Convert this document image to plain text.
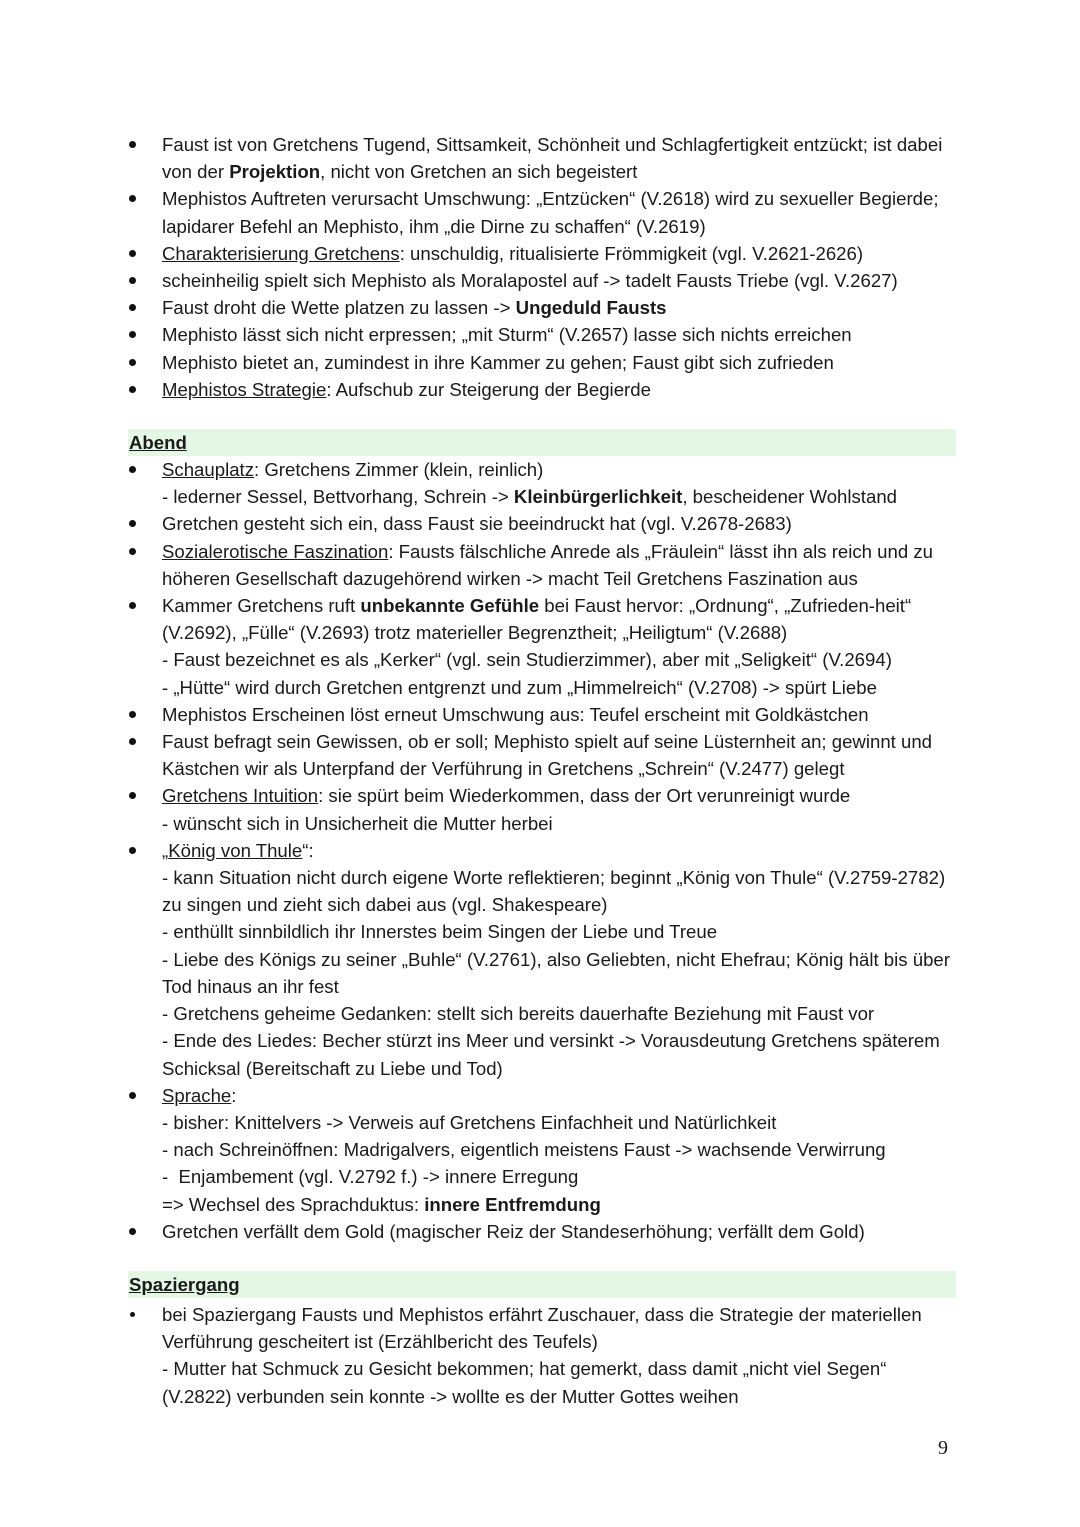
Faust ist von Gretchens Tugend, Sittsamkeit, Schönheit und Schlagfertigkeit entzückt; ist dabei von der Projektion, nicht von Gretchen an sich begeistert
Mephistos Auftreten verursacht Umschwung: „Entzücken“ (V.2618) wird zu sexueller Begierde; lapidarer Befehl an Mephisto, ihm „die Dirne zu schaffen“ (V.2619)
Charakterisierung Gretchens: unschuldig, ritualisierte Frömmigkeit (vgl. V.2621-2626)
scheinheilig spielt sich Mephisto als Moralapostel auf -> tadelt Fausts Triebe (vgl. V.2627)
Faust droht die Wette platzen zu lassen -> Ungeduld Fausts
Mephisto lässt sich nicht erpressen; „mit Sturm“ (V.2657) lasse sich nichts erreichen
Mephisto bietet an, zumindest in ihre Kammer zu gehen; Faust gibt sich zufrieden
Mephistos Strategie: Aufschub zur Steigerung der Begierde
Abend
Schauplatz: Gretchens Zimmer (klein, reinlich)
- lederner Sessel, Bettvorhang, Schrein -> Kleinbürgerlichkeit, bescheidener Wohlstand
Gretchen gesteht sich ein, dass Faust sie beeindruckt hat (vgl. V.2678-2683)
Sozialerotische Faszination: Fausts fälschliche Anrede als „Fräulein“ lässt ihn als reich und zu höheren Gesellschaft dazugehörend wirken -> macht Teil Gretchens Faszination aus
Kammer Gretchens ruft unbekannte Gefühle bei Faust hervor: „Ordnung“, „Zufrieden-heit“ (V.2692), „Fülle“ (V.2693) trotz materieller Begrenztheit; „Heiligtum“ (V.2688)
- Faust bezeichnet es als „Kerker“ (vgl. sein Studierzimmer), aber mit „Seligkeit“ (V.2694)
- „Hütte“ wird durch Gretchen entgrenzt und zum „Himmelreich“ (V.2708) -> spürt Liebe
Mephistos Erscheinen löst erneut Umschwung aus: Teufel erscheint mit Goldkästchen
Faust befragt sein Gewissen, ob er soll; Mephisto spielt auf seine Lüsternheit an; gewinnt und Kästchen wir als Unterpfand der Verführung in Gretchens „Schrein“ (V.2477) gelegt
Gretchens Intuition: sie spürt beim Wiederkommen, dass der Ort verunreinigt wurde
- wünscht sich in Unsicherheit die Mutter herbei
„König von Thule“:
- kann Situation nicht durch eigene Worte reflektieren; beginnt „König von Thule“ (V.2759-2782) zu singen und zieht sich dabei aus (vgl. Shakespeare)
- enthüllt sinnbildlich ihr Innerstes beim Singen der Liebe und Treue
- Liebe des Königs zu seiner „Buhle“ (V.2761), also Geliebten, nicht Ehefrau; König hält bis über Tod hinaus an ihr fest
- Gretchens geheime Gedanken: stellt sich bereits dauerhafte Beziehung mit Faust vor
- Ende des Liedes: Becher stürzt ins Meer und versinkt -> Vorausdeutung Gretchens späterem Schicksal (Bereitschaft zu Liebe und Tod)
Sprache:
- bisher: Knittelvers -> Verweis auf Gretchens Einfachheit und Natürlichkeit
- nach Schreinöffnen: Madrigalvers, eigentlich meistens Faust -> wachsende Verwirrung
-  Enjambement (vgl. V.2792 f.) -> innere Erregung
=> Wechsel des Sprachduktus: innere Entfremdung
Gretchen verfällt dem Gold (magischer Reiz der Standeserhöhung; verfällt dem Gold)
Spaziergang
bei Spaziergang Fausts und Mephistos erfährt Zuschauer, dass die Strategie der materiellen Verführung gescheitert ist (Erzählbericht des Teufels)
- Mutter hat Schmuck zu Gesicht bekommen; hat gemerkt, dass damit „nicht viel Segen“ (V.2822) verbunden sein konnte -> wollte es der Mutter Gottes weihen
9
